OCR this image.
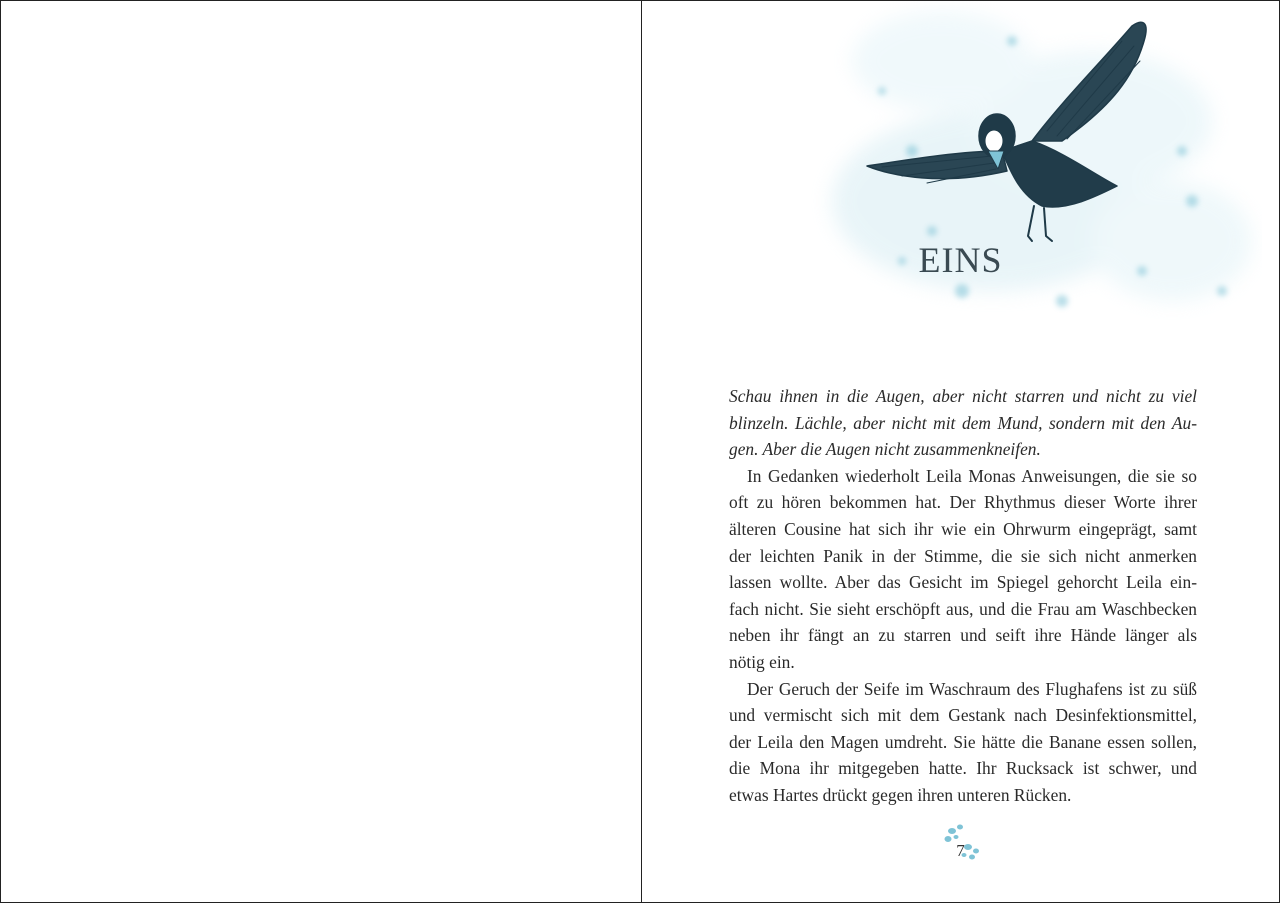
EINS

Schau ihnen in die Augen, aber nicht starren und nicht zu viel
blinzeln. Lächle, aber nicht mit dem Mund, sondern mit den Au-
gen. Aber die Augen nicht zusammenkneifen.

In Gedanken wiederholt Leila Monas Anweisungen, die sie so
oft zu hören bekommen hat. Der Rhythmus dieser Worte ihrer
älteren Cousine hat sich ihr wie ein Ohrwurm eingeprägt, samt
der leichten Panik in der Stimme, die sie sich nicht anmerken
lassen wollte. Aber das Gesicht im Spiegel gehorcht Leila ein-
fach nicht. Sie sieht erschöpft aus, und die Frau am Waschbecken
neben ihr fängt an zu starren und seift ihre Hände länger als
nötig ein.

Der Geruch der Seife im Waschraum des Flughafens ist zu süß
und vermischt sich mit dem Gestank nach Desinfektionsmittel,
der Leila den Magen umdreht. Sie hätte die Banane essen sollen,
die Mona ihr mitgegeben hatte. Ihr Rucksack ist schwer, und
etwas Hartes drückt gegen ihren unteren Rücken.

7
